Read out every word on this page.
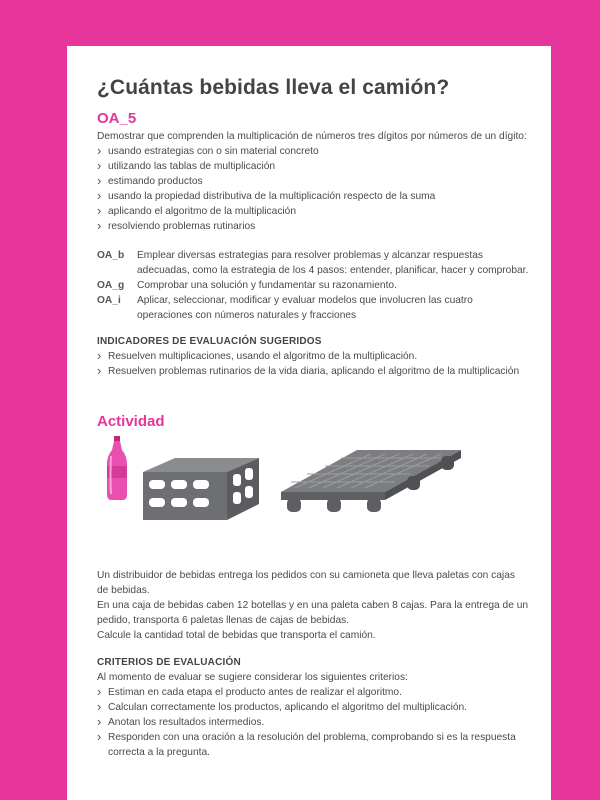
¿Cuántas bebidas lleva el camión?
OA_5

Demostrar que comprenden la multiplicación de números tres dígitos por números de un dígito:

› usando estrategias con o sin material concreto
› utilizando las tablas de multiplicación
› estimando productos
› usando la propiedad distributiva de la multiplicación respecto de la suma
› aplicando el algoritmo de la multiplicación
› resolviendo problemas rutinarios
OA_b	Emplear diversas estrategias para resolver problemas y alcanzar respuestas adecuadas, como la estrategia de los 4 pasos: entender, planificar, hacer y comprobar.
OA_g	Comprobar una solución y fundamentar su razonamiento.
OA_i	Aplicar, seleccionar, modificar y evaluar modelos que involucren las cuatro operaciones con números naturales y fracciones
INDICADORES DE EVALUACIÓN SUGERIDOS
› Resuelven multiplicaciones, usando el algoritmo de la multiplicación.
› Resuelven problemas rutinarios de la vida diaria, aplicando el algoritmo de la multiplicación
Actividad

Un distribuidor de bebidas entrega los pedidos con su camioneta que lleva paletas con cajas de bebidas.

En una caja de bebidas caben 12 botellas y en una paleta caben 8 cajas. Para la entrega de un pedido, transporta 6 paletas llenas de cajas de bebidas.

Calcule la cantidad total de bebidas que transporta el camión.

CRITERIOS DE EVALUACIÓN

Al momento de evaluar se sugiere considerar los siguientes criterios:

› Estiman en cada etapa el producto antes de realizar el algoritmo.
› Calculan correctamente los productos, aplicando el algoritmo del multiplicación.
› Anotan los resultados intermedios.
› Responden con una oración a la resolución del problema, comprobando si es la respuesta correcta a la pregunta.
